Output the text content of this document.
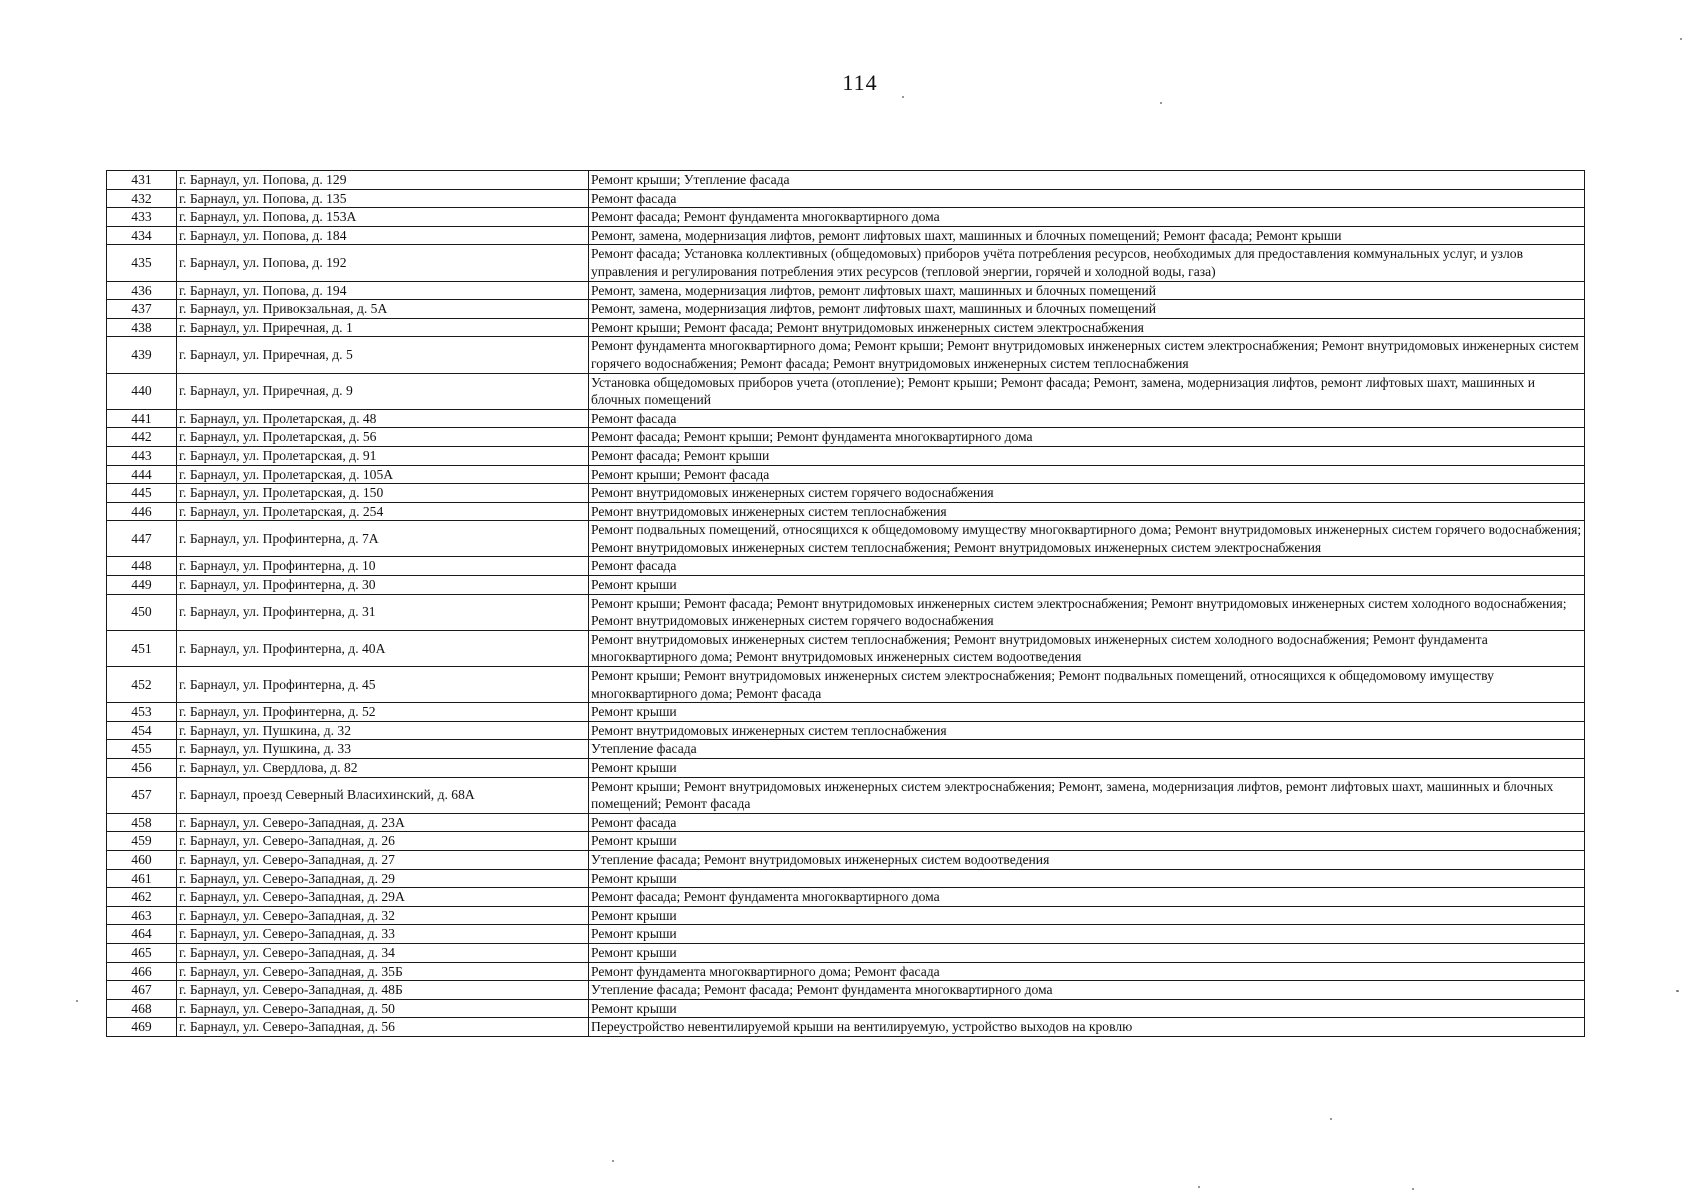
114
431	г. Барнаул, ул. Попова, д. 129	Ремонт крыши; Утепление фасада
432	г. Барнаул, ул. Попова, д. 135	Ремонт фасада
433	г. Барнаул, ул. Попова, д. 153А	Ремонт фасада; Ремонт фундамента многоквартирного дома
434	г. Барнаул, ул. Попова, д. 184	Ремонт, замена, модернизация лифтов, ремонт лифтовых шахт, машинных и блочных помещений; Ремонт фасада; Ремонт крыши
435	г. Барнаул, ул. Попова, д. 192	Ремонт фасада; Установка коллективных (общедомовых) приборов учёта потребления ресурсов, необходимых для предоставления коммунальных услуг, и узлов управления и регулирования потребления этих ресурсов (тепловой энергии, горячей и холодной воды, газа)
436	г. Барнаул, ул. Попова, д. 194	Ремонт, замена, модернизация лифтов, ремонт лифтовых шахт, машинных и блочных помещений
437	г. Барнаул, ул. Привокзальная, д. 5А	Ремонт, замена, модернизация лифтов, ремонт лифтовых шахт, машинных и блочных помещений
438	г. Барнаул, ул. Приречная, д. 1	Ремонт крыши; Ремонт фасада; Ремонт внутридомовых инженерных систем электроснабжения
439	г. Барнаул, ул. Приречная, д. 5	Ремонт фундамента многоквартирного дома; Ремонт крыши; Ремонт внутридомовых инженерных систем электроснабжения; Ремонт внутридомовых инженерных систем горячего водоснабжения; Ремонт фасада; Ремонт внутридомовых инженерных систем теплоснабжения
440	г. Барнаул, ул. Приречная, д. 9	Установка общедомовых приборов учета (отопление); Ремонт крыши; Ремонт фасада; Ремонт, замена, модернизация лифтов, ремонт лифтовых шахт, машинных и блочных помещений
441	г. Барнаул, ул. Пролетарская, д. 48	Ремонт фасада
442	г. Барнаул, ул. Пролетарская, д. 56	Ремонт фасада; Ремонт крыши; Ремонт фундамента многоквартирного дома
443	г. Барнаул, ул. Пролетарская, д. 91	Ремонт фасада; Ремонт крыши
444	г. Барнаул, ул. Пролетарская, д. 105А	Ремонт крыши; Ремонт фасада
445	г. Барнаул, ул. Пролетарская, д. 150	Ремонт внутридомовых инженерных систем горячего водоснабжения
446	г. Барнаул, ул. Пролетарская, д. 254	Ремонт внутридомовых инженерных систем теплоснабжения
447	г. Барнаул, ул. Профинтерна, д. 7А	Ремонт подвальных помещений, относящихся к общедомовому имуществу многоквартирного дома; Ремонт внутридомовых инженерных систем горячего водоснабжения; Ремонт внутридомовых инженерных систем теплоснабжения; Ремонт внутридомовых инженерных систем электроснабжения
448	г. Барнаул, ул. Профинтерна, д. 10	Ремонт фасада
449	г. Барнаул, ул. Профинтерна, д. 30	Ремонт крыши
450	г. Барнаул, ул. Профинтерна, д. 31	Ремонт крыши; Ремонт фасада; Ремонт внутридомовых инженерных систем электроснабжения; Ремонт внутридомовых инженерных систем холодного водоснабжения; Ремонт внутридомовых инженерных систем горячего водоснабжения
451	г. Барнаул, ул. Профинтерна, д. 40А	Ремонт внутридомовых инженерных систем теплоснабжения; Ремонт внутридомовых инженерных систем холодного водоснабжения; Ремонт фундамента многоквартирного дома; Ремонт внутридомовых инженерных систем водоотведения
452	г. Барнаул, ул. Профинтерна, д. 45	Ремонт крыши; Ремонт внутридомовых инженерных систем электроснабжения; Ремонт подвальных помещений, относящихся к общедомовому имуществу многоквартирного дома; Ремонт фасада
453	г. Барнаул, ул. Профинтерна, д. 52	Ремонт крыши
454	г. Барнаул, ул. Пушкина, д. 32	Ремонт внутридомовых инженерных систем теплоснабжения
455	г. Барнаул, ул. Пушкина, д. 33	Утепление фасада
456	г. Барнаул, ул. Свердлова, д. 82	Ремонт крыши
457	г. Барнаул, проезд Северный Власихинский, д. 68А	Ремонт крыши; Ремонт внутридомовых инженерных систем электроснабжения; Ремонт, замена, модернизация лифтов, ремонт лифтовых шахт, машинных и блочных помещений; Ремонт фасада
458	г. Барнаул, ул. Северо-Западная, д. 23А	Ремонт фасада
459	г. Барнаул, ул. Северо-Западная, д. 26	Ремонт крыши
460	г. Барнаул, ул. Северо-Западная, д. 27	Утепление фасада; Ремонт внутридомовых инженерных систем водоотведения
461	г. Барнаул, ул. Северо-Западная, д. 29	Ремонт крыши
462	г. Барнаул, ул. Северо-Западная, д. 29А	Ремонт фасада; Ремонт фундамента многоквартирного дома
463	г. Барнаул, ул. Северо-Западная, д. 32	Ремонт крыши
464	г. Барнаул, ул. Северо-Западная, д. 33	Ремонт крыши
465	г. Барнаул, ул. Северо-Западная, д. 34	Ремонт крыши
466	г. Барнаул, ул. Северо-Западная, д. 35Б	Ремонт фундамента многоквартирного дома; Ремонт фасада
467	г. Барнаул, ул. Северо-Западная, д. 48Б	Утепление фасада; Ремонт фасада; Ремонт фундамента многоквартирного дома
468	г. Барнаул, ул. Северо-Западная, д. 50	Ремонт крыши
469	г. Барнаул, ул. Северо-Западная, д. 56	Переустройство невентилируемой крыши на вентилируемую, устройство выходов на кровлю
